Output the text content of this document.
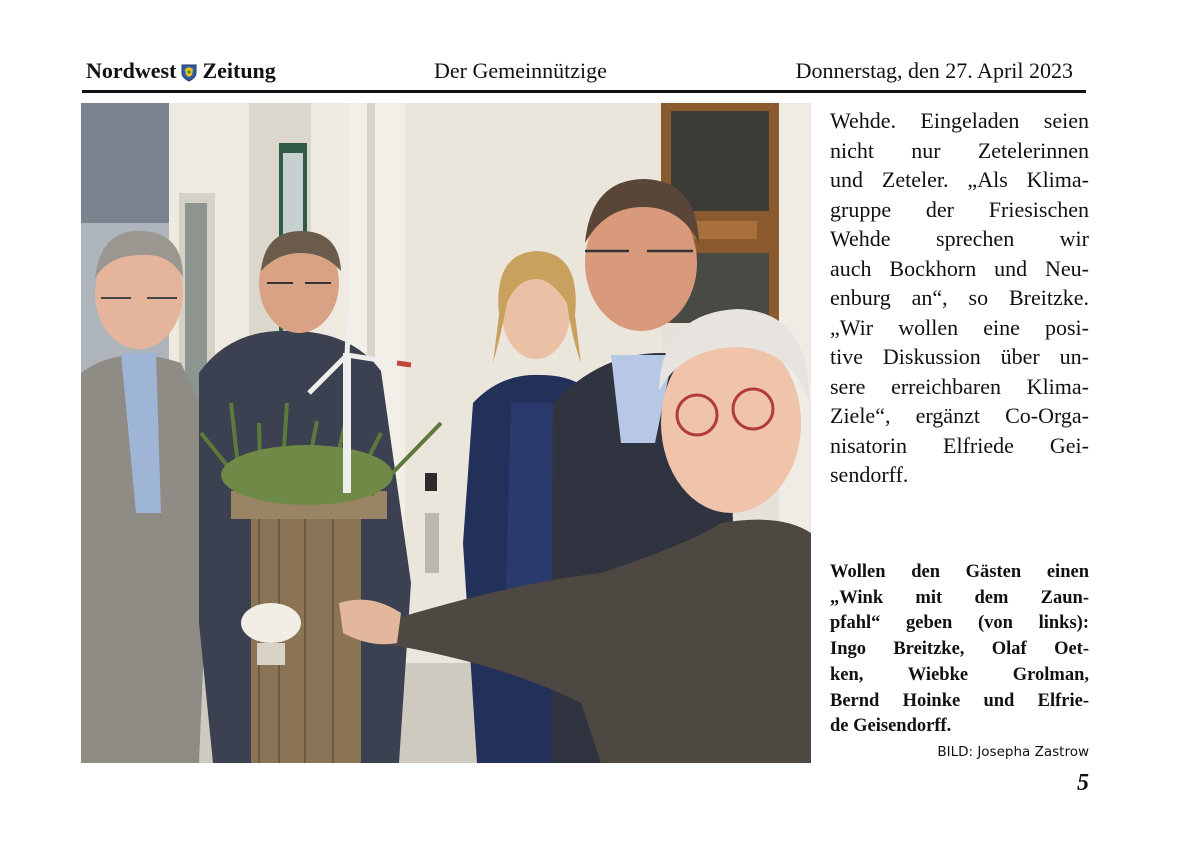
Nordwest Zeitung	Der Gemeinnützige	Donnerstag, den 27. April 2023
Wehde. Eingeladen seien
nicht nur Zetelerinnen
und Zeteler. „Als Klima-
gruppe der Friesischen
Wehde sprechen wir
auch Bockhorn und Neu-
enburg an“, so Breitzke.
„Wir wollen eine posi-
tive Diskussion über un-
sere erreichbaren Klima-
Ziele“, ergänzt Co-Orga-
nisatorin Elfriede Gei-
sendorff.
Wollen den Gästen einen
„Wink mit dem Zaun-
pfahl“ geben (von links):
Ingo Breitzke, Olaf Oet-
ken, Wiebke Grolman,
Bernd Hoinke und Elfrie-
de Geisendorff.
BILD: Josepha Zastrow
5
